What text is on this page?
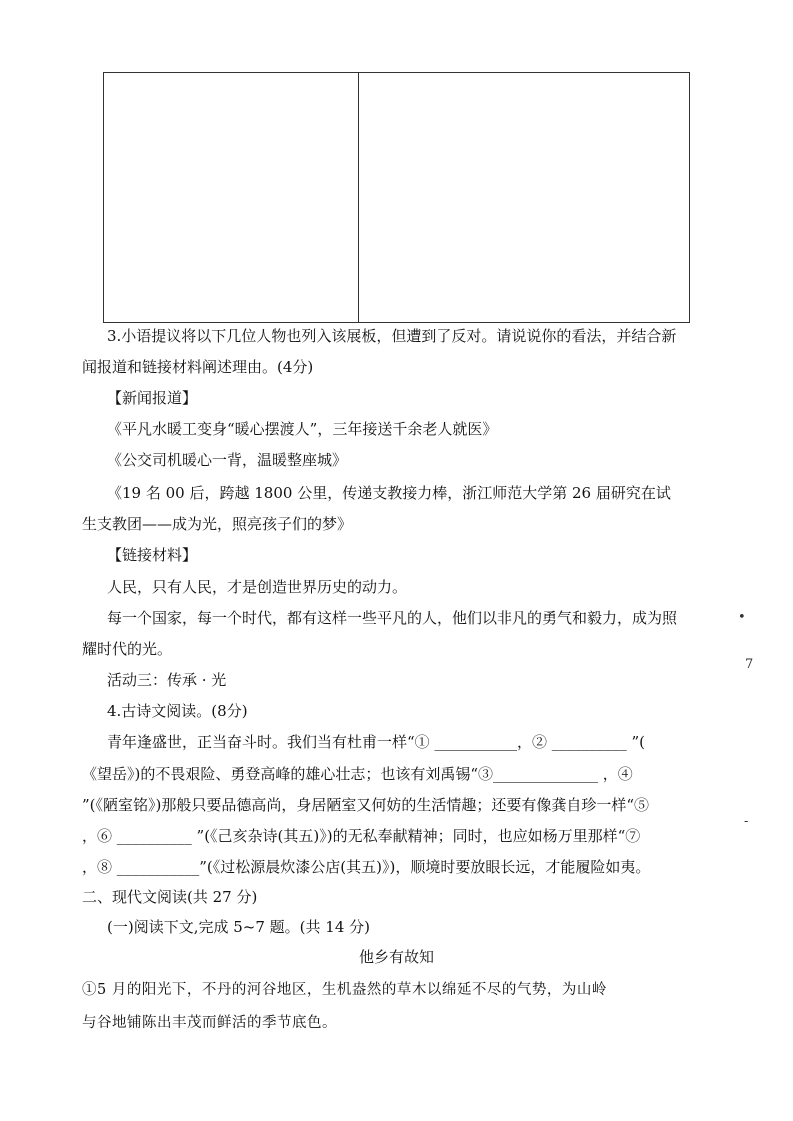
3.小语提议将以下几位人物也列入该展板，但遭到了反对。请说说你的看法，并结合新
闻报道和链接材料阐述理由。(4分)
【新闻报道】
《平凡水暖工变身“暖心摆渡人”，三年接送千余老人就医》
《公交司机暖心一背，温暖整座城》
《19 名 00 后，跨越 1800 公里，传递支教接力棒，浙江师范大学第 26 届研究在试
生支教团——成为光，照亮孩子们的梦》
【链接材料】
人民，只有人民，才是创造世界历史的动力。
每一个国家，每一个时代，都有这样一些平凡的人，他们以非凡的勇气和毅力，成为照
耀时代的光。
活动三：传承 · 光
4.古诗文阅读。(8分)
青年逢盛世，正当奋斗时。我们当有杜甫一样“① ___________，② __________ ”(
《望岳》)的不畏艰险、勇登高峰的雄心壮志；也该有刘禹锡“③______________ ，④
”(《陋室铭》)那般只要品德高尚，身居陋室又何妨的生活情趣；还要有像龚自珍一样“⑤
，⑥ __________ ”(《己亥杂诗(其五)》)的无私奉献精神；同时，也应如杨万里那样“⑦
，⑧ ___________”(《过松源晨炊漆公店(其五)》)，顺境时要放眼长远，才能履险如夷。
二、现代文阅读(共 27 分)
(一)阅读下文,完成 5~7 题。(共 14 分)
他乡有故知
①5 月的阳光下，不丹的河谷地区，生机盎然的草木以绵延不尽的气势，为山岭
与谷地铺陈出丰茂而鲜活的季节底色。
•
7
-
